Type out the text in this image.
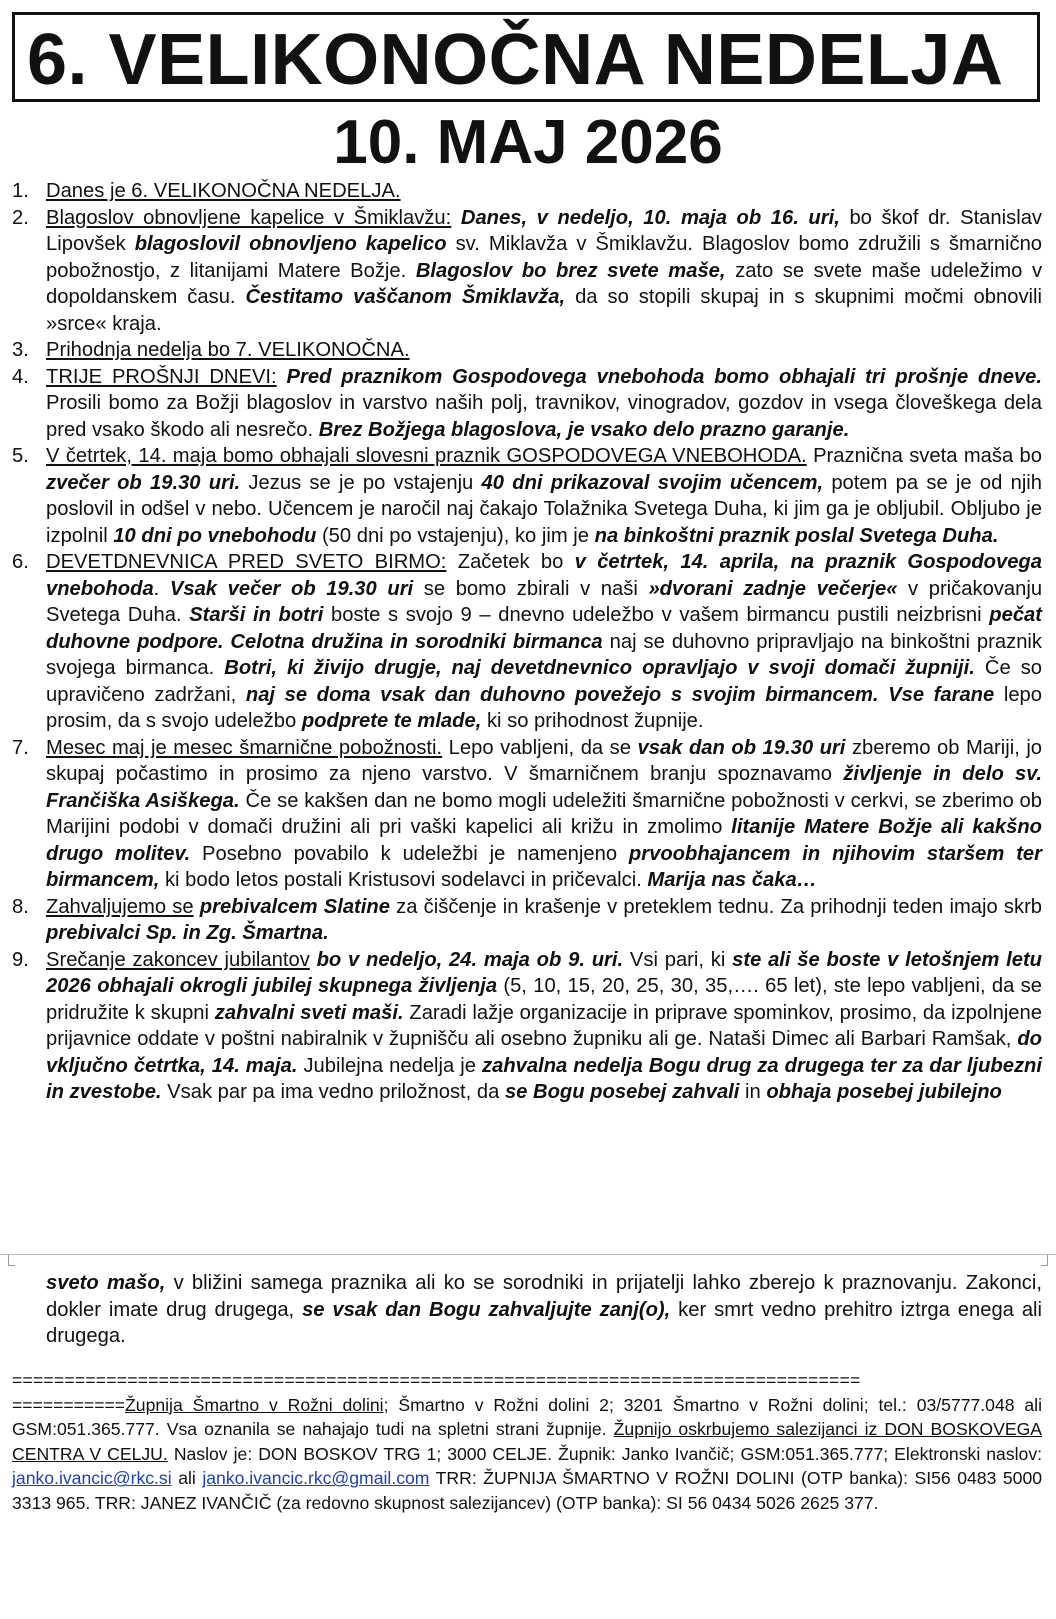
6. VELIKONOČNA NEDELJA
10. MAJ 2026

1. Danes je 6. VELIKONOČNA NEDELJA.

2. Blagoslov obnovljene kapelice v Šmiklavžu: Danes, v nedeljo, 10. maja ob 16. uri, bo škof dr. Stanislav Lipovšek blagoslovil obnovljeno kapelico sv. Miklavža v Šmiklavžu. Blagoslov bomo združili s šmarnično pobožnostjo, z litanijami Matere Božje. Blagoslov bo brez svete maše, zato se svete maše udeležimo v dopoldanskem času. Čestitamo vaščanom Šmiklavža, da so stopili skupaj in s skupnimi močmi obnovili »srce« kraja.

3. Prihodnja nedelja bo 7. VELIKONOČNA.

4. TRIJE PROŠNJI DNEVI: Pred praznikom Gospodovega vnebohoda bomo obhajali tri prošnje dneve. Prosili bomo za Božji blagoslov in varstvo naših polj, travnikov, vinogradov, gozdov in vsega človeškega dela pred vsako škodo ali nesrečo. Brez Božjega blagoslova, je vsako delo prazno garanje.

5. V četrtek, 14. maja bomo obhajali slovesni praznik GOSPODOVEGA VNEBOHODA. Praznična sveta maša bo zvečer ob 19.30 uri. Jezus se je po vstajenju 40 dni prikazoval svojim učencem, potem pa se je od njih poslovil in odšel v nebo. Učencem je naročil naj čakajo Tolažnika Svetega Duha, ki jim ga je obljubil. Obljubo je izpolnil 10 dni po vnebohodu (50 dni po vstajenju), ko jim je na binkoštni praznik poslal Svetega Duha.

6. DEVETDNEVNICA PRED SVETO BIRMO: Začetek bo v četrtek, 14. aprila, na praznik Gospodovega vnebohoda. Vsak večer ob 19.30 uri se bomo zbirali v naši »dvorani zadnje večerje« v pričakovanju Svetega Duha. Starši in botri boste s svojo 9 – dnevno udeležbo v vašem birmancu pustili neizbrisni pečat duhovne podpore. Celotna družina in sorodniki birmanca naj se duhovno pripravljajo na binkoštni praznik svojega birmanca. Botri, ki živijo drugje, naj devetdnevnico opravljajo v svoji domači župniji. Če so upravičeno zadržani, naj se doma vsak dan duhovno povežejo s svojim birmancem. Vse farane lepo prosim, da s svojo udeležbo podprete te mlade, ki so prihodnost župnije.

7. Mesec maj je mesec šmarnične pobožnosti. Lepo vabljeni, da se vsak dan ob 19.30 uri zberemo ob Mariji, jo skupaj počastimo in prosimo za njeno varstvo. V šmarničnem branju spoznavamo življenje in delo sv. Frančiška Asiškega. Če se kakšen dan ne bomo mogli udeležiti šmarnične pobožnosti v cerkvi, se zberimo ob Marijini podobi v domači družini ali pri vaški kapelici ali križu in zmolimo litanije Matere Božje ali kakšno drugo molitev. Posebno povabilo k udeležbi je namenjeno prvoobhajancem in njihovim staršem ter birmancem, ki bodo letos postali Kristusovi sodelavci in pričevalci. Marija nas čaka…

8. Zahvaljujemo se prebivalcem Slatine za čiščenje in krašenje v preteklem tednu. Za prihodnji teden imajo skrb prebivalci Sp. in Zg. Šmartna.

9. Srečanje zakoncev jubilantov bo v nedeljo, 24. maja ob 9. uri. Vsi pari, ki ste ali še boste v letošnjem letu 2026 obhajali okrogli jubilej skupnega življenja (5, 10, 15, 20, 25, 30, 35,…. 65 let), ste lepo vabljeni, da se pridružite k skupni zahvalni sveti maši. Zaradi lažje organizacije in priprave spominkov, prosimo, da izpolnjene prijavnice oddate v poštni nabiralnik v župnišču ali osebno župniku ali ge. Nataši Dimec ali Barbari Ramšak, do vključno četrtka, 14. maja. Jubilejna nedelja je zahvalna nedelja Bogu drug za drugega ter za dar ljubezni in zvestobe. Vsak par pa ima vedno priložnost, da se Bogu posebej zahvali in obhaja posebej jubilejno

sveto mašo, v bližini samega praznika ali ko se sorodniki in prijatelji lahko zberejo k praznovanju. Zakonci, dokler imate drug drugega, se vsak dan Bogu zahvaljujte zanj(o), ker smrt vedno prehitro iztrga enega ali drugega.
=================================================================================
===========Župnija Šmartno v Rožni dolini; Šmartno v Rožni dolini 2; 3201 Šmartno v Rožni dolini; tel.: 03/5777.048 ali GSM:051.365.777. Vsa oznanila se nahajajo tudi na spletni strani župnije. Župnijo oskrbujemo salezijanci iz DON BOSKOVEGA CENTRA V CELJU. Naslov je: DON BOSKOV TRG 1; 3000 CELJE. Župnik: Janko Ivančič; GSM:051.365.777; Elektronski naslov: janko.ivancic@rkc.si ali janko.ivancic.rkc@gmail.com TRR: ŽUPNIJA ŠMARTNO V ROŽNI DOLINI (OTP banka): SI56 0483 5000 3313 965. TRR: JANEZ IVANČIČ (za redovno skupnost salezijancev) (OTP banka): SI 56 0434 5026 2625 377.
